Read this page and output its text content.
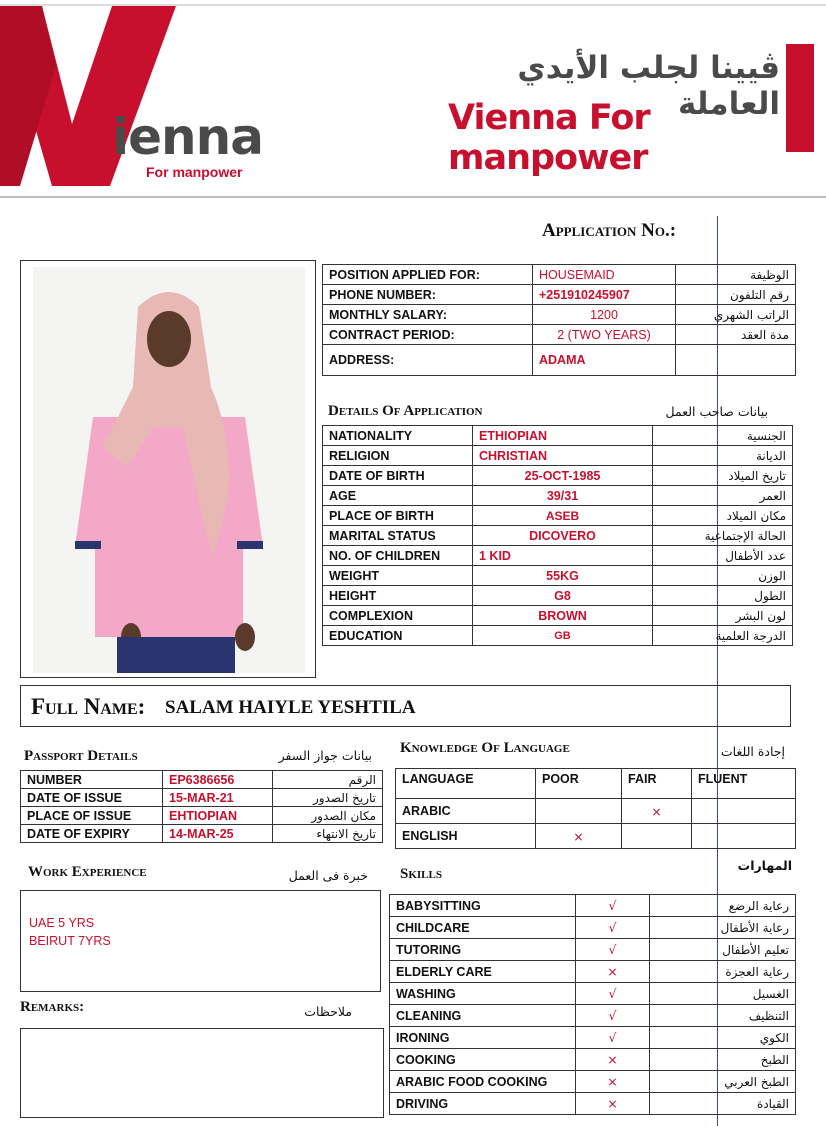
ienna
For manpower
ڤيينا لجلب الأيدي العاملة
Vienna For manpower
Application No.:
POSITION APPLIED FOR:	HOUSEMAID	الوظيفة
PHONE NUMBER:	+251910245907	رقم التلفون
MONTHLY SALARY:	1200	الراتب الشهري
CONTRACT PERIOD:	2 (TWO YEARS)	مدة العقد
ADDRESS:	ADAMA	
Details Of Application	بيانات صاحب العمل
NATIONALITY	ETHIOPIAN	الجنسية
RELIGION	CHRISTIAN	الديانة
DATE OF BIRTH	25-OCT-1985	تاريخ الميلاد
AGE	39/31	العمر
PLACE OF BIRTH	ASEB	مكان الميلاد
MARITAL STATUS	DICOVERO	الحالة الإجتماعية
NO. OF CHILDREN	1 KID	عدد الأطفال
WEIGHT	55KG	الوزن
HEIGHT	G8	الطول
COMPLEXION	BROWN	لون البشر
EDUCATION	GB	الدرجة العلمية
Full Name: SALAM HAIYLE YESHTILA
Passport Details	بيانات جواز السفر
NUMBER	EP6386656	الرقم
DATE OF ISSUE	15-MAR-21	تاريخ الصدور
PLACE OF ISSUE	EHTIOPIAN	مكان الصدور
DATE OF EXPIRY	14-MAR-25	تاريخ الانتهاء
Knowledge Of Language	إجادة اللغات
LANGUAGE	POOR	FAIR	FLUENT
ARABIC		×	
ENGLISH	×		
Work Experience	خبرة فى العمل
UAE 5 YRS
BEIRUT 7YRS
Remarks:	ملاحظات
Skills
المهارات
BABYSITTING	√	رعاية الرضع
CHILDCARE	√	رعاية الأطفال
TUTORING	√	تعليم الأطفال
ELDERLY CARE	×	رعاية العجزة
WASHING	√	الغسيل
CLEANING	√	التنظيف
IRONING	√	الكوي
COOKING	×	الطبخ
ARABIC FOOD COOKING	×	الطبخ العربي
DRIVING	×	القيادة
